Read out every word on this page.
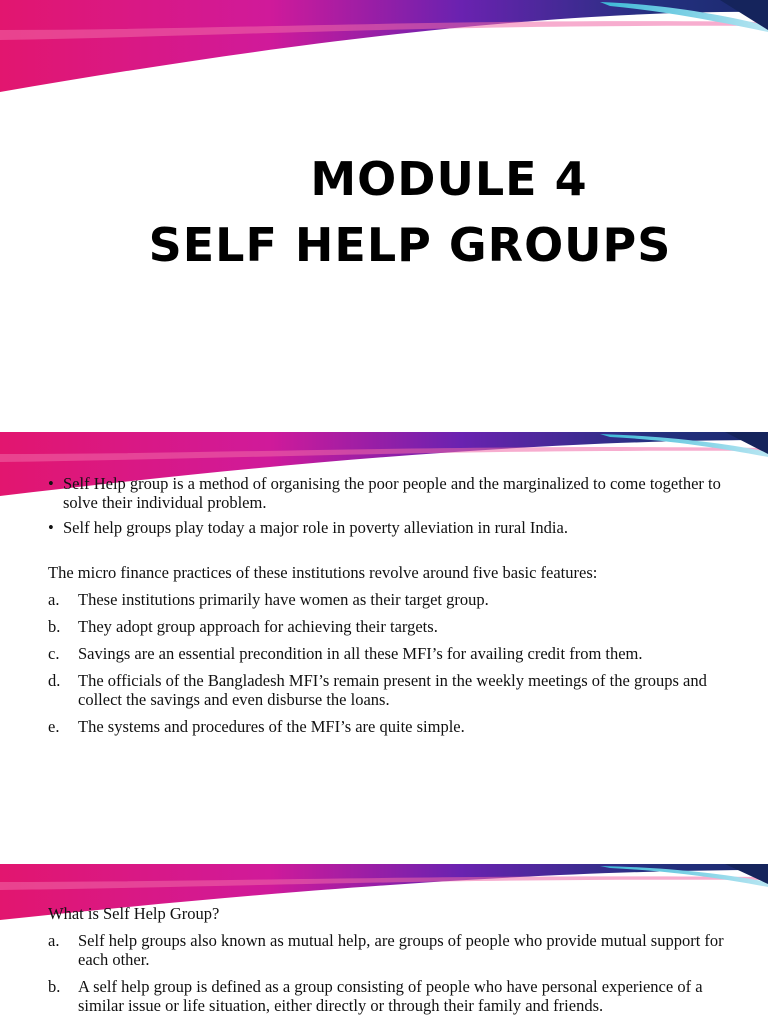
MODULE 4
SELF HELP GROUPS
• Self Help group is a method of organising the poor people and the marginalized to come together to solve their individual problem.
• Self help groups play today a major role in poverty alleviation in rural India.

The micro finance practices of these institutions revolve around five basic features:

a. These institutions primarily have women as their target group.
b. They adopt group approach for achieving their targets.
c. Savings are an essential precondition in all these MFI’s for availing credit from them.
d. The officials of the Bangladesh MFI’s remain present in the weekly meetings of the groups and collect the savings and even disburse the loans.
e. The systems and procedures of the MFI’s are quite simple.

What is Self Help Group?

a. Self help groups also known as mutual help, are groups of people who provide mutual support for each other.
b. A self help group is defined as a group consisting of people who have personal experience of a similar issue or life situation, either directly or through their family and friends.
